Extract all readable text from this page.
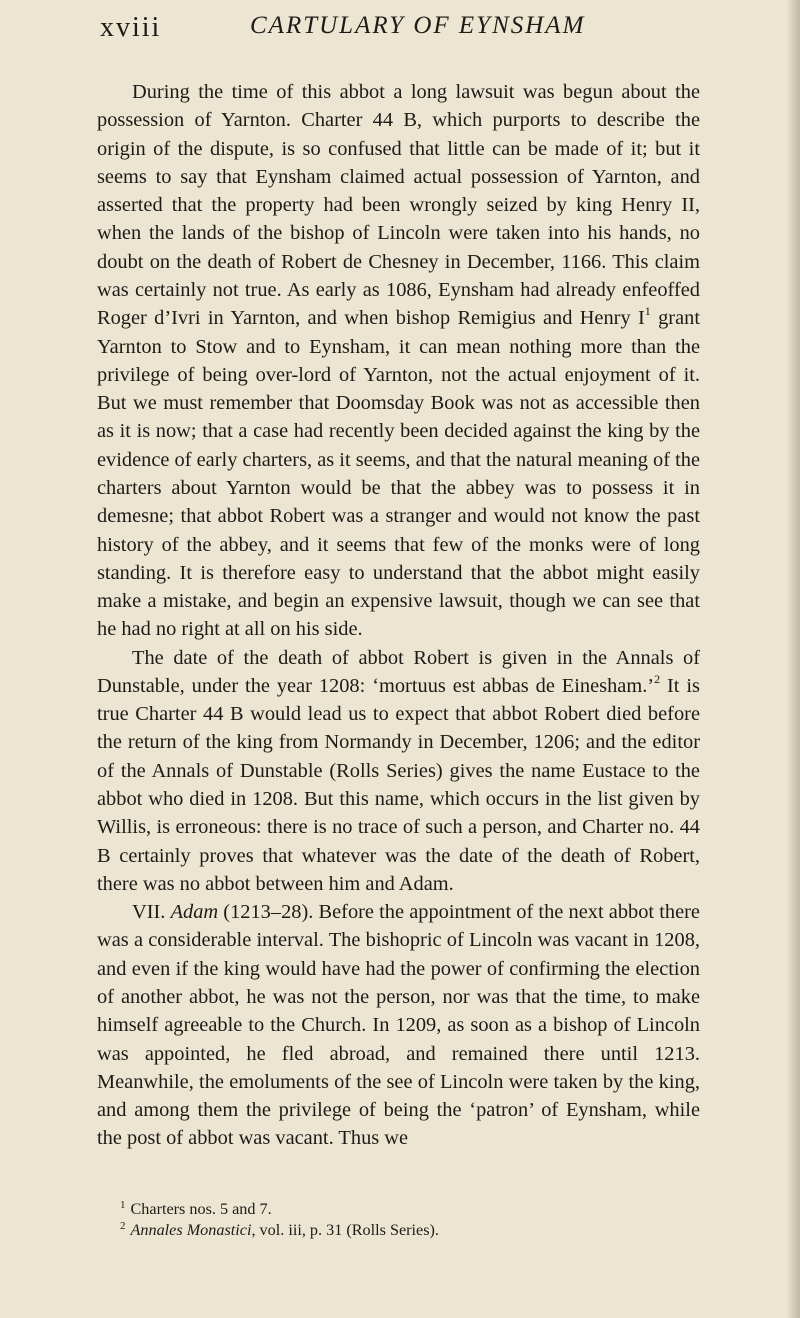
xviii	CARTULARY OF EYNSHAM

During the time of this abbot a long lawsuit was begun about the possession of Yarnton. Charter 44 B, which purports to describe the origin of the dispute, is so confused that little can be made of it; but it seems to say that Eynsham claimed actual possession of Yarnton, and asserted that the property had been wrongly seized by king Henry II, when the lands of the bishop of Lincoln were taken into his hands, no doubt on the death of Robert de Chesney in December, 1166. This claim was certainly not true. As early as 1086, Eynsham had already enfeoffed Roger d’Ivri in Yarnton, and when bishop Remigius and Henry $I^1$ grant Yarnton to Stow and to Eynsham, it can mean nothing more than the privilege of being over-lord of Yarnton, not the actual enjoyment of it. But we must remember that Doomsday Book was not as accessible then as it is now; that a case had recently been decided against the king by the evidence of early charters, as it seems, and that the natural meaning of the charters about Yarnton would be that the abbey was to possess it in demesne; that abbot Robert was a stranger and would not know the past history of the abbey, and it seems that few of the monks were of long standing. It is therefore easy to understand that the abbot might easily make a mistake, and begin an expensive lawsuit, though we can see that he had no right at all on his side.

The date of the death of abbot Robert is given in the Annals of Dunstable, under the year 1208: ‘mortuus est abbas de Einesham.’$^2$ It is true Charter 44 B would lead us to expect that abbot Robert died before the return of the king from Normandy in December, 1206; and the editor of the Annals of Dunstable (Rolls Series) gives the name Eustace to the abbot who died in 1208. But this name, which occurs in the list given by Willis, is erroneous: there is no trace of such a person, and Charter no. 44 B certainly proves that whatever was the date of the death of Robert, there was no abbot between him and Adam.

VII. Adam (1213–28). Before the appointment of the next abbot there was a considerable interval. The bishopric of Lincoln was vacant in 1208, and even if the king would have had the power of confirming the election of another abbot, he was not the person, nor was that the time, to make himself agreeable to the Church. In 1209, as soon as a bishop of Lincoln was appointed, he fled abroad, and remained there until 1213. Meanwhile, the emoluments of the see of Lincoln were taken by the king, and among them the privilege of being the ‘patron’ of Eynsham, while the post of abbot was vacant. Thus we

$^1$ Charters nos. 5 and 7.
$^2$ Annales Monastici, vol. iii, p. 31 (Rolls Series).
